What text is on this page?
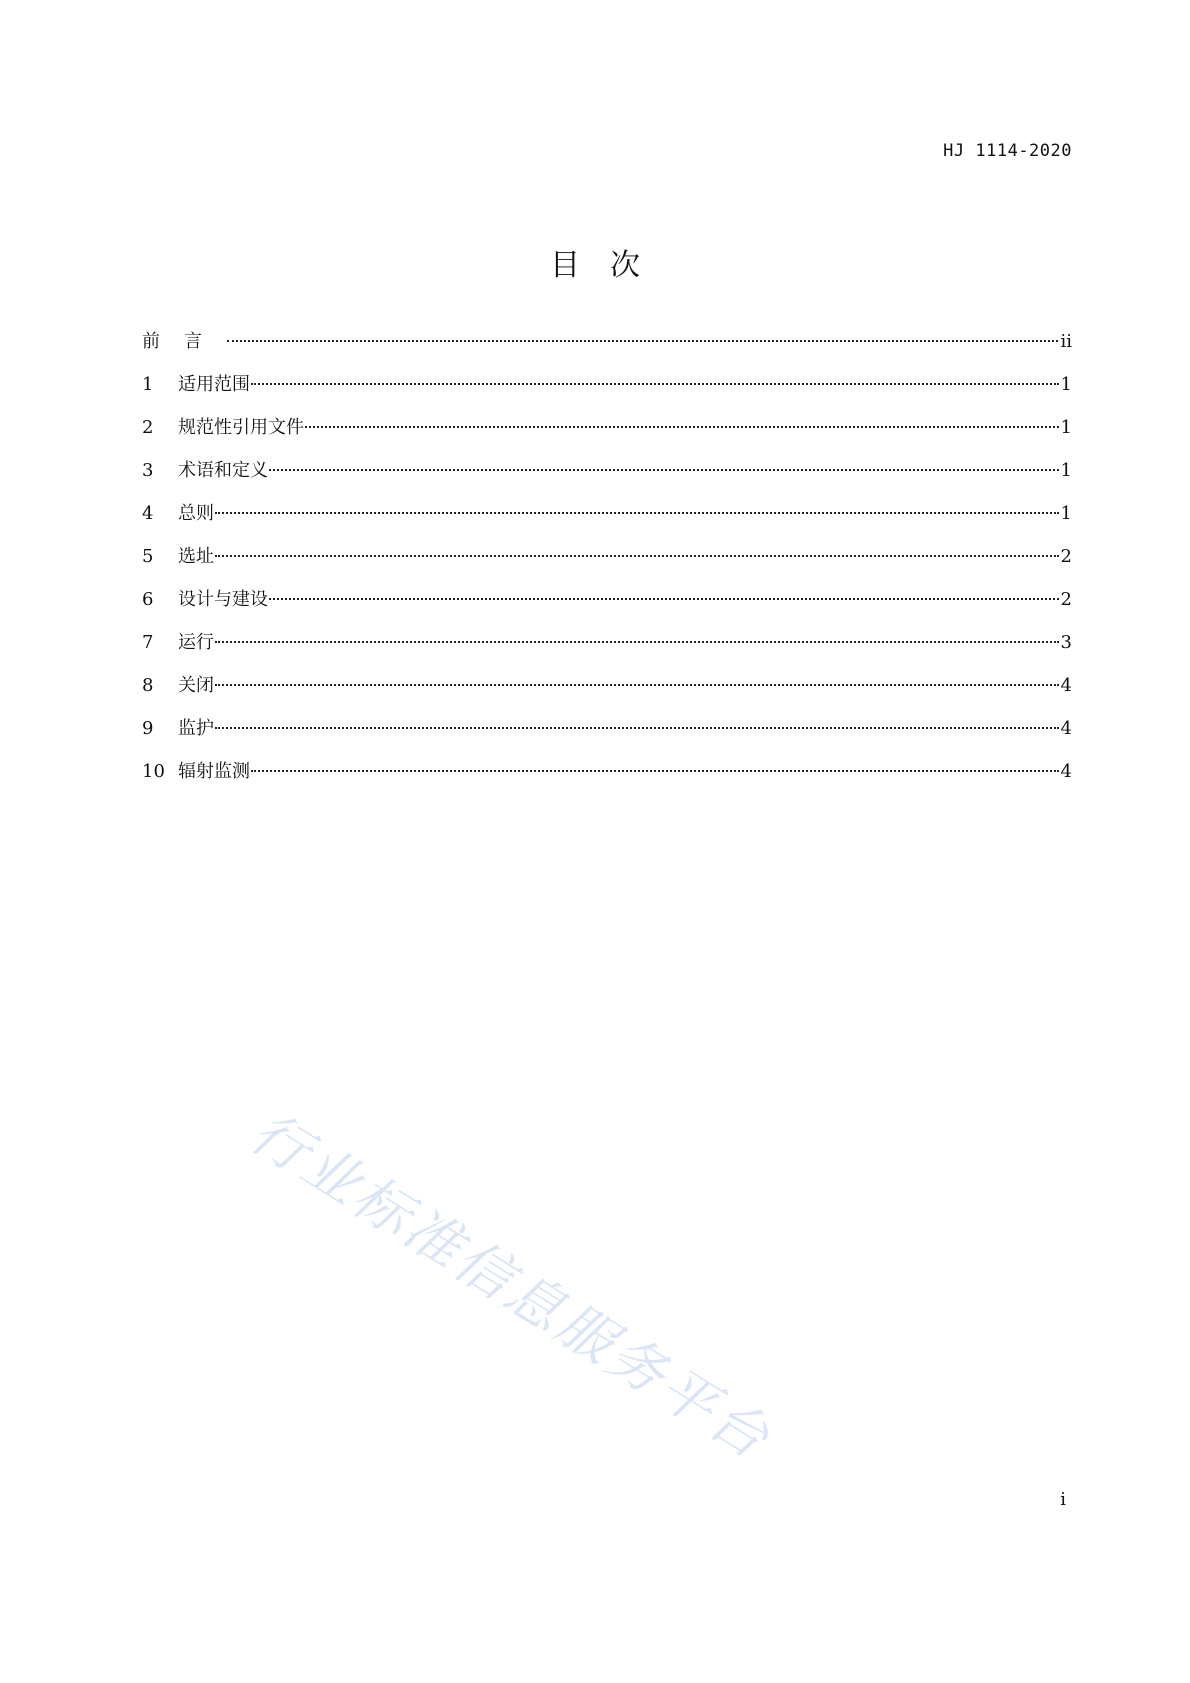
HJ 1114-2020
目次
前言	ii
1	适用范围	1
2	规范性引用文件	1
3	术语和定义	1
4	总则	1
5	选址	2
6	设计与建设	2
7	运行	3
8	关闭	4
9	监护	4
10 辐射监测	4
行业标准信息服务平台
i
